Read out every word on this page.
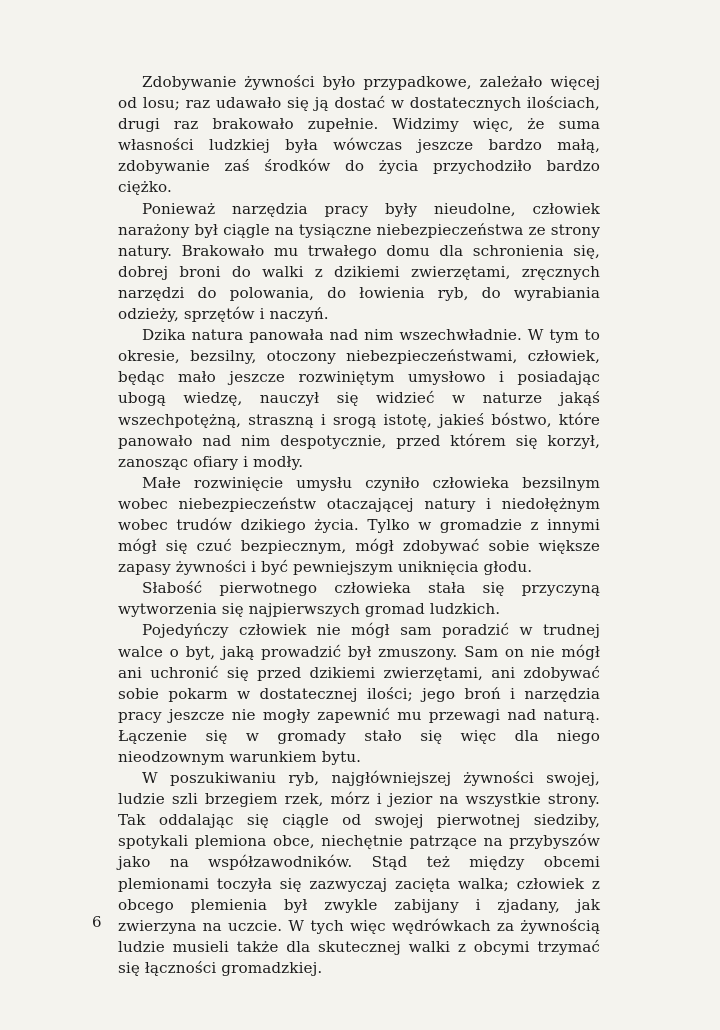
Zdobywanie żywności było przypadkowe, zależało więcej od losu; raz udawało się ją dostać w dostatecznych ilościach, drugi raz brakowało zupełnie. Widzimy więc, że suma własności ludzkiej była wówczas jeszcze bardzo małą, zdobywanie zaś środków do życia przychodziło bardzo ciężko.

Ponieważ narzędzia pracy były nieudolne, człowiek narażony był ciągle na tysiączne niebezpieczeństwa ze strony natury. Brakowało mu trwałego domu dla schronienia się, dobrej broni do walki z dzikiemi zwierzętami, zręcznych narzędzi do polowania, do łowienia ryb, do wyrabiania odzieży, sprzętów i naczyń.

Dzika natura panowała nad nim wszechwładnie. W tym to okresie, bezsilny, otoczony niebezpieczeństwami, człowiek, będąc mało jeszcze rozwiniętym umysłowo i posiadając ubogą wiedzę, nauczył się widzieć w naturze jakąś wszechpotężną, straszną i srogą istotę, jakieś bóstwo, które panowało nad nim despotycznie, przed którem się korzył, zanosząc ofiary i modły.

Małe rozwinięcie umysłu czyniło człowieka bezsilnym wobec niebezpieczeństw otaczającej natury i niedołężnym wobec trudów dzikiego życia. Tylko w gromadzie z innymi mógł się czuć bezpiecznym, mógł zdobywać sobie większe zapasy żywności i być pewniejszym uniknięcia głodu.

Słabość pierwotnego człowieka stała się przyczyną wytworzenia się najpierwszych gromad ludzkich.

Pojedyńczy człowiek nie mógł sam poradzić w trudnej walce o byt, jaką prowadzić był zmuszony. Sam on nie mógł ani uchronić się przed dzikiemi zwierzętami, ani zdobywać sobie pokarm w dostatecznej ilości; jego broń i narzędzia pracy jeszcze nie mogły zapewnić mu przewagi nad naturą. Łączenie się w gromady stało się więc dla niego nieodzownym warunkiem bytu.

W poszukiwaniu ryb, najgłówniejszej żywności swojej, ludzie szli brzegiem rzek, mórz i jezior na wszystkie strony. Tak oddalając się ciągle od swojej pierwotnej siedziby, spotykali plemiona obce, niechętnie patrzące na przybyszów jako na współzawodników. Stąd też między obcemi plemionami toczyła się zazwyczaj zacięta walka; człowiek z obcego plemienia był zwykle zabijany i zjadany, jak zwierzyna na uczcie. W tych więc wędrówkach za żywnością ludzie musieli także dla skutecznej walki z obcymi trzymać się łączności gromadzkiej.

6
